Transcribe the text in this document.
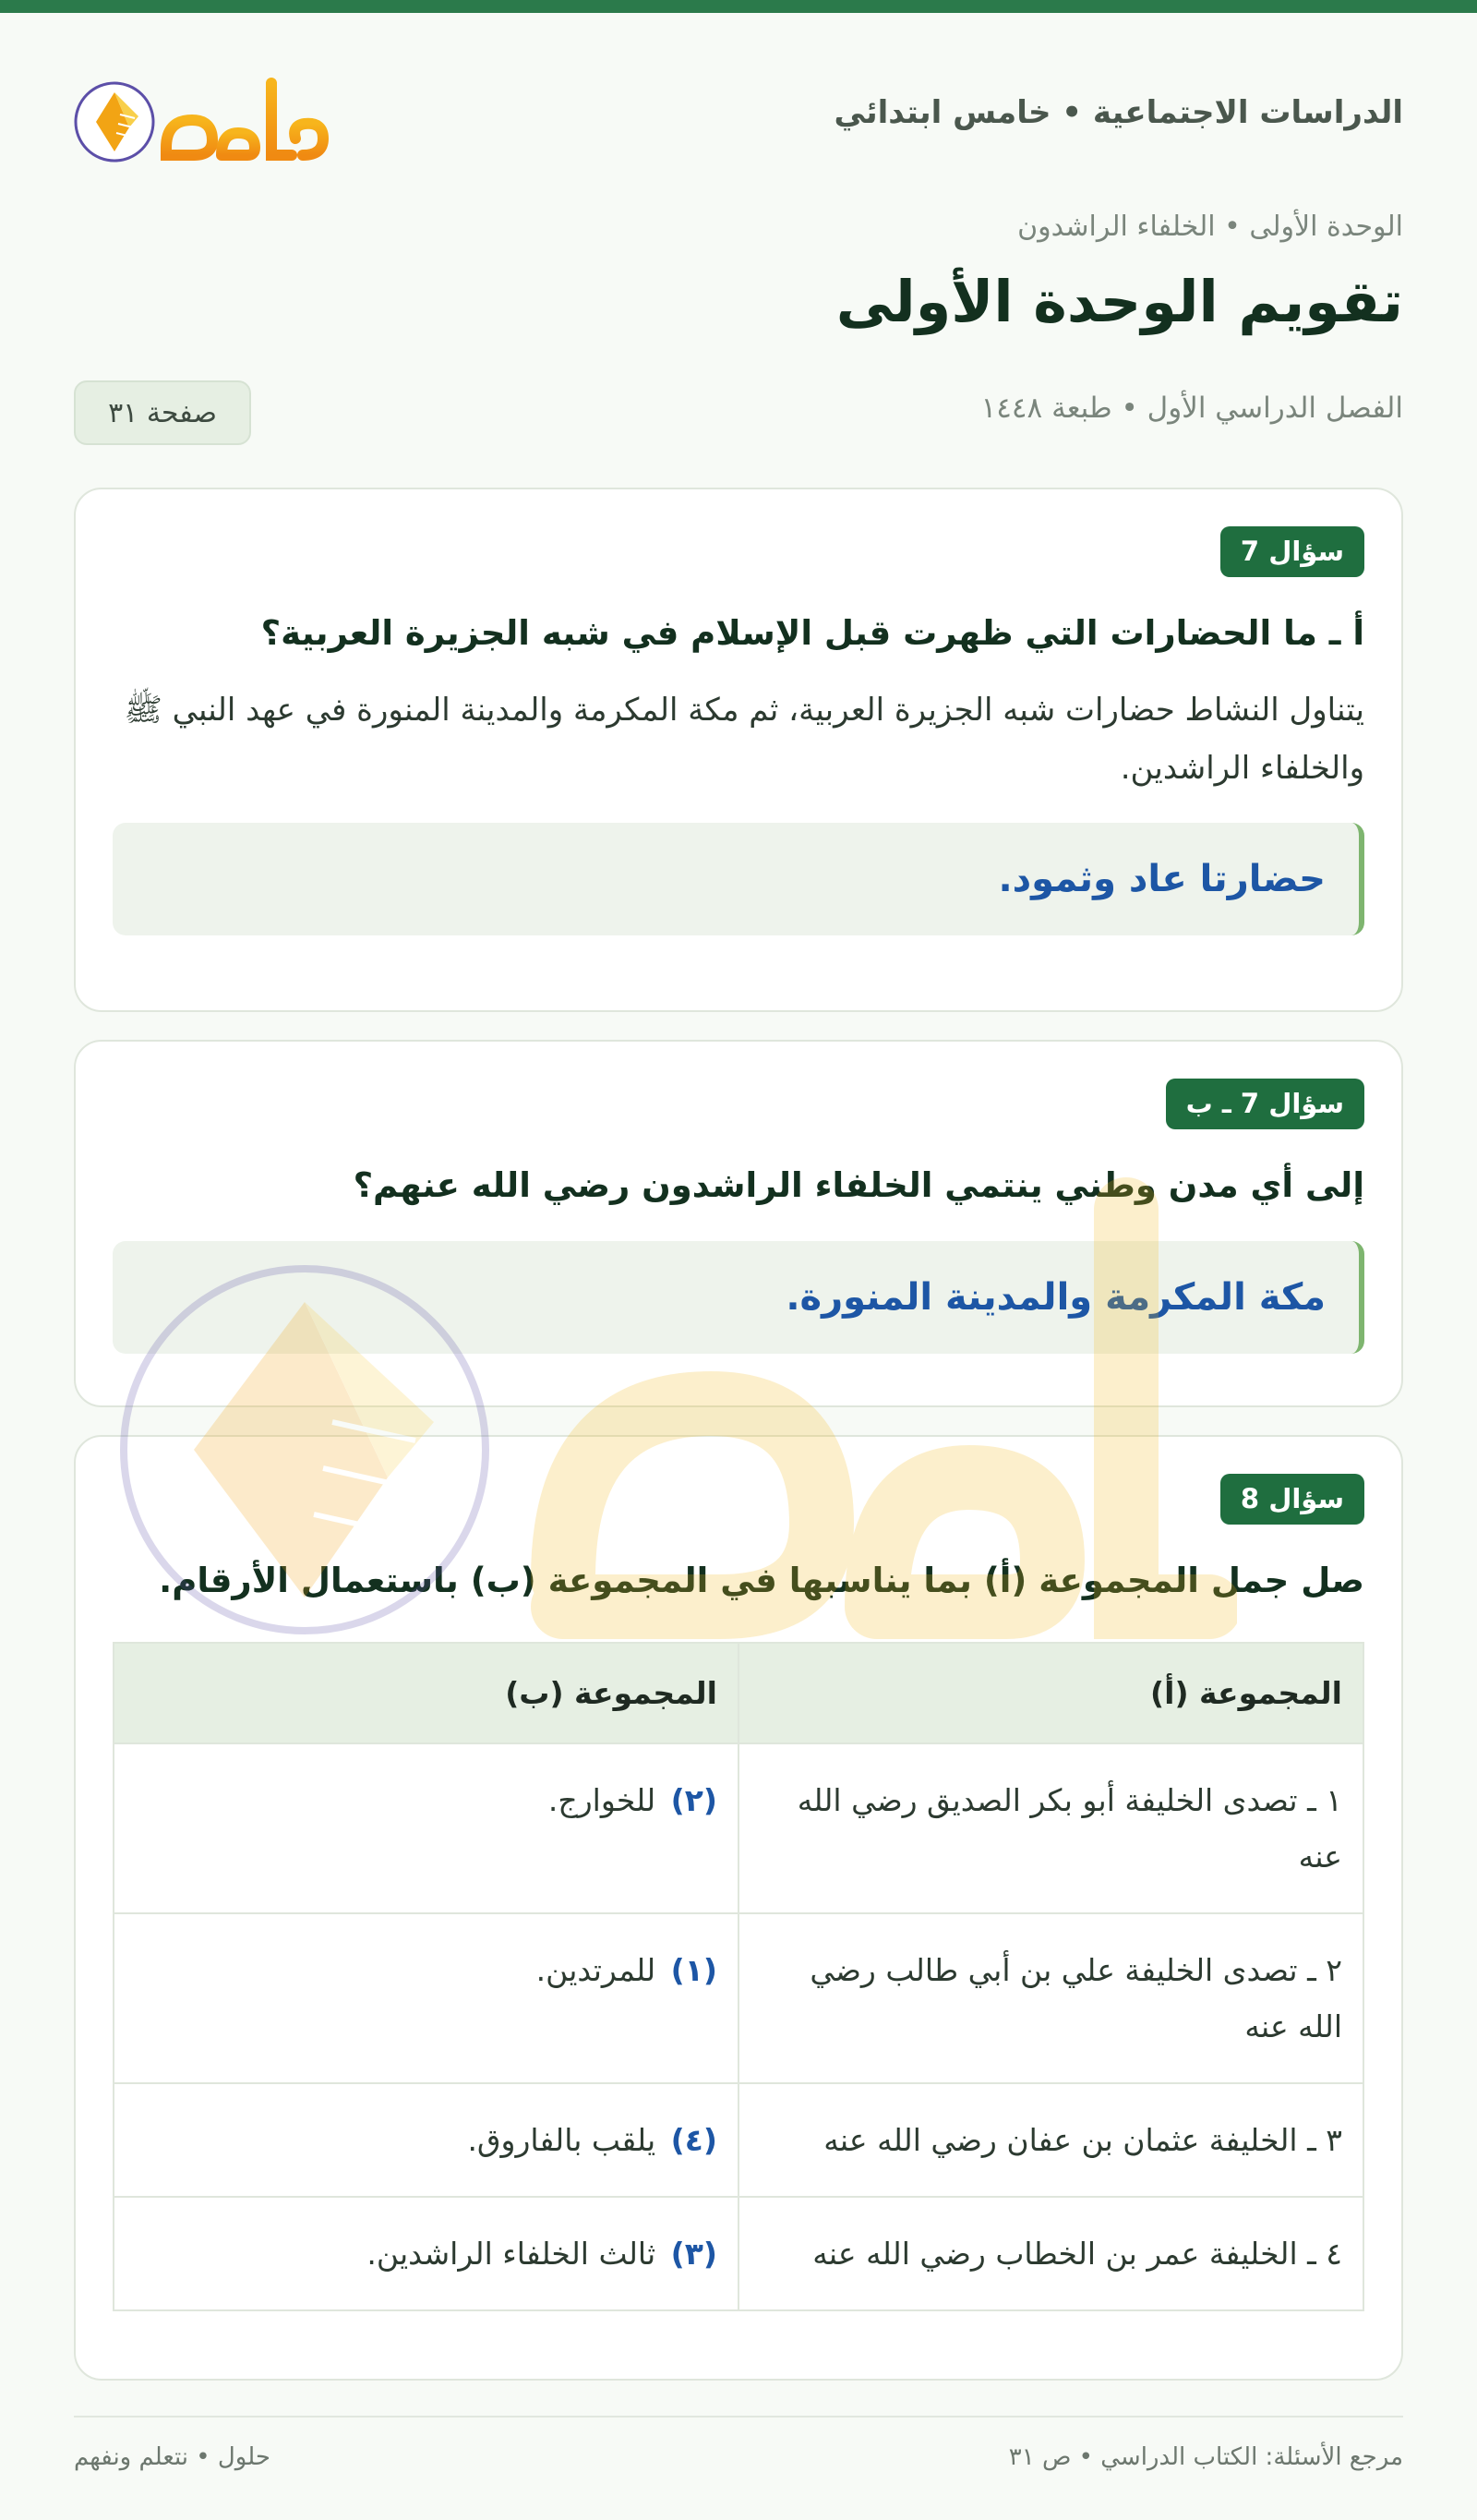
الدراسات الاجتماعية • خامس ابتدائي
الوحدة الأولى • الخلفاء الراشدون
تقويم الوحدة الأولى
الفصل الدراسي الأول • طبعة ١٤٤٨
صفحة ٣١
سؤال 7

أ ـ ما الحضارات التي ظهرت قبل الإسلام في شبه الجزيرة العربية؟

يتناول النشاط حضارات شبه الجزيرة العربية، ثم مكة المكرمة والمدينة المنورة في عهد النبي ﷺ والخلفاء الراشدين.

حضارتا عاد وثمود.
سؤال 7 ـ ب

إلى أي مدن وطني ينتمي الخلفاء الراشدون رضي الله عنهم؟

مكة المكرمة والمدينة المنورة.
سؤال 8

صل جمل المجموعة (أ) بما يناسبها في المجموعة (ب) باستعمال الأرقام.

المجموعة (أ)	المجموعة (ب)
١ ـ تصدى الخليفة أبو بكر الصديق رضي الله عنه	(٢) للخوارج.
٢ ـ تصدى الخليفة علي بن أبي طالب رضي الله عنه	(١) للمرتدين.
٣ ـ الخليفة عثمان بن عفان رضي الله عنه	(٤) يلقب بالفاروق.
٤ ـ الخليفة عمر بن الخطاب رضي الله عنه	(٣) ثالث الخلفاء الراشدين.
مرجع الأسئلة: الكتاب الدراسي • ص ٣١
حلول • نتعلم ونفهم
